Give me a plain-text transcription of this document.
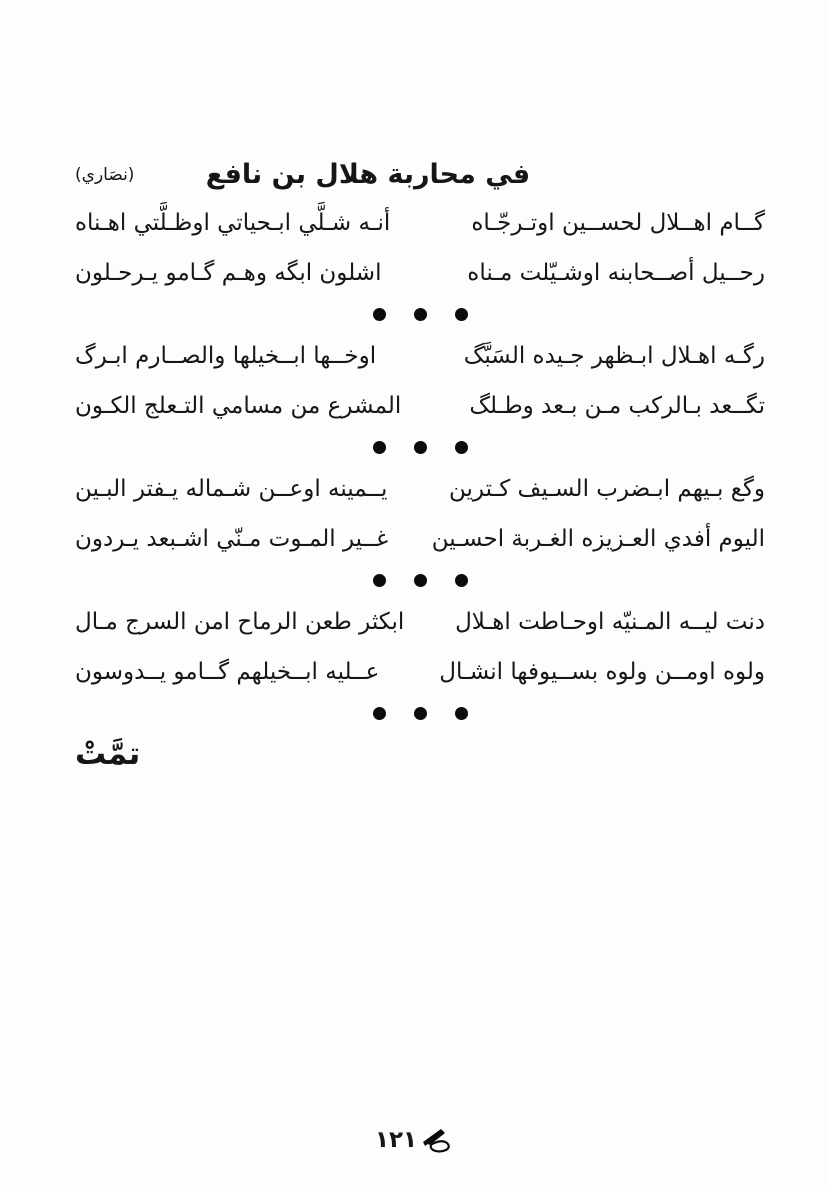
في محاربة هلال بن نافع
(نصَاري)
گــام اهــلال لحســين اوتـرجّـاه
أنـه شـلَّي ابـحياتي اوظـلَّتي اهـناه
رحــيل أصــحابنه اوشـيّلت مـناه
اشلون ابگه وهـم گـامو يـرحـلون
رگـه اهـلال ابـظهر جـيده السَبَّگ
اوخــها ابــخيلها والصــارم ابـرگ
تگــعد بـالركب مـن بـعد وطـلگ
المشرع من مسامي التـعلج الكـون
وگع بـيهم ابـضرب السـيف كـترين
يــمينه اوعــن شـماله يـفتر البـين
اليوم أفدي العـزيزه الغـربة احسـين
غــير المـوت مـنّي اشـبعد يـردون
دنت ليــه المـنيّه اوحـاطت اهـلال
ابكثر طعن الرماح امن السرج مـال
ولوه اومــن ولوه بســيوفها انشـال
عــليه ابــخيلهم گــامو يــدوسون
تمَّتْ
١٢١
